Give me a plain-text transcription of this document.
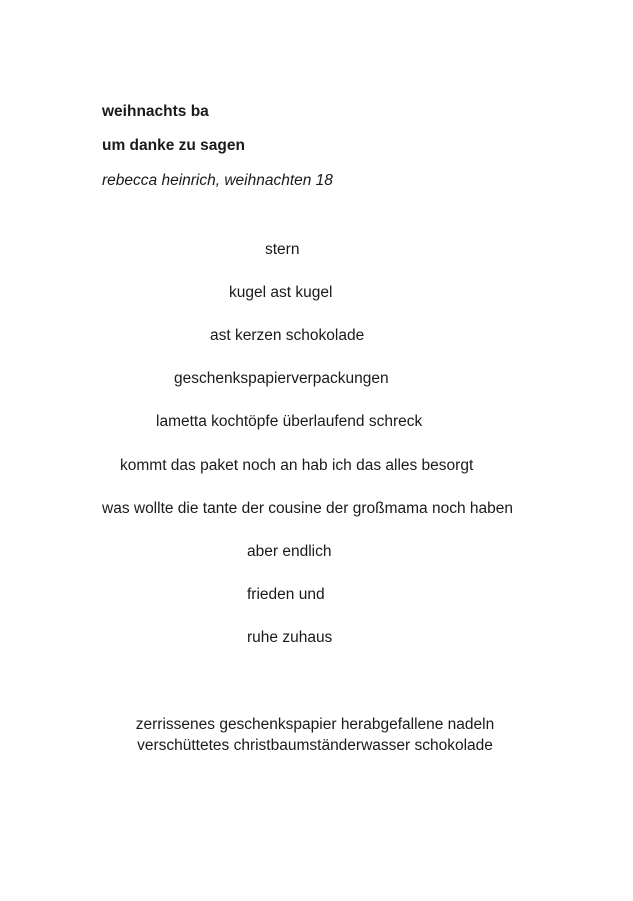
weihnachts ba

um danke zu sagen

rebecca heinrich, weihnachten 18

stern

kugel ast kugel

ast kerzen schokolade

geschenkspapierverpackungen

lametta kochtöpfe überlaufend schreck

kommt das paket noch an hab ich das alles besorgt

was wollte die tante der cousine der großmama noch haben

aber endlich

frieden und

ruhe zuhaus

zerrissenes geschenkspapier herabgefallene nadeln

verschüttetes christbaumständerwasser schokolade
